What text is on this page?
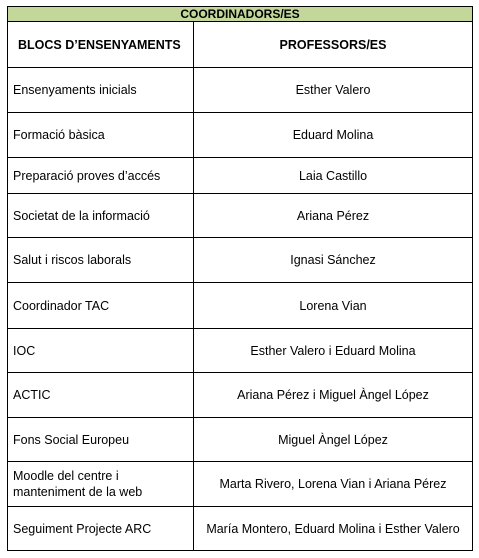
COORDINADORS/ES	
BLOCS D’ENSENYAMENTS	PROFESSORS/ES
Ensenyaments inicials	Esther Valero
Formació bàsica	Eduard Molina
Preparació proves d’accés	Laia Castillo
Societat de la informació	Ariana Pérez
Salut i riscos laborals	Ignasi Sánchez
Coordinador TAC	Lorena Vian
IOC	Esther Valero i Eduard Molina
ACTIC	Ariana Pérez i Miguel Àngel López
Fons Social Europeu	Miguel Àngel López
Moodle del centre i manteniment de la web	Marta Rivero, Lorena Vian i Ariana Pérez
Seguiment Projecte ARC	María Montero, Eduard Molina i Esther Valero
